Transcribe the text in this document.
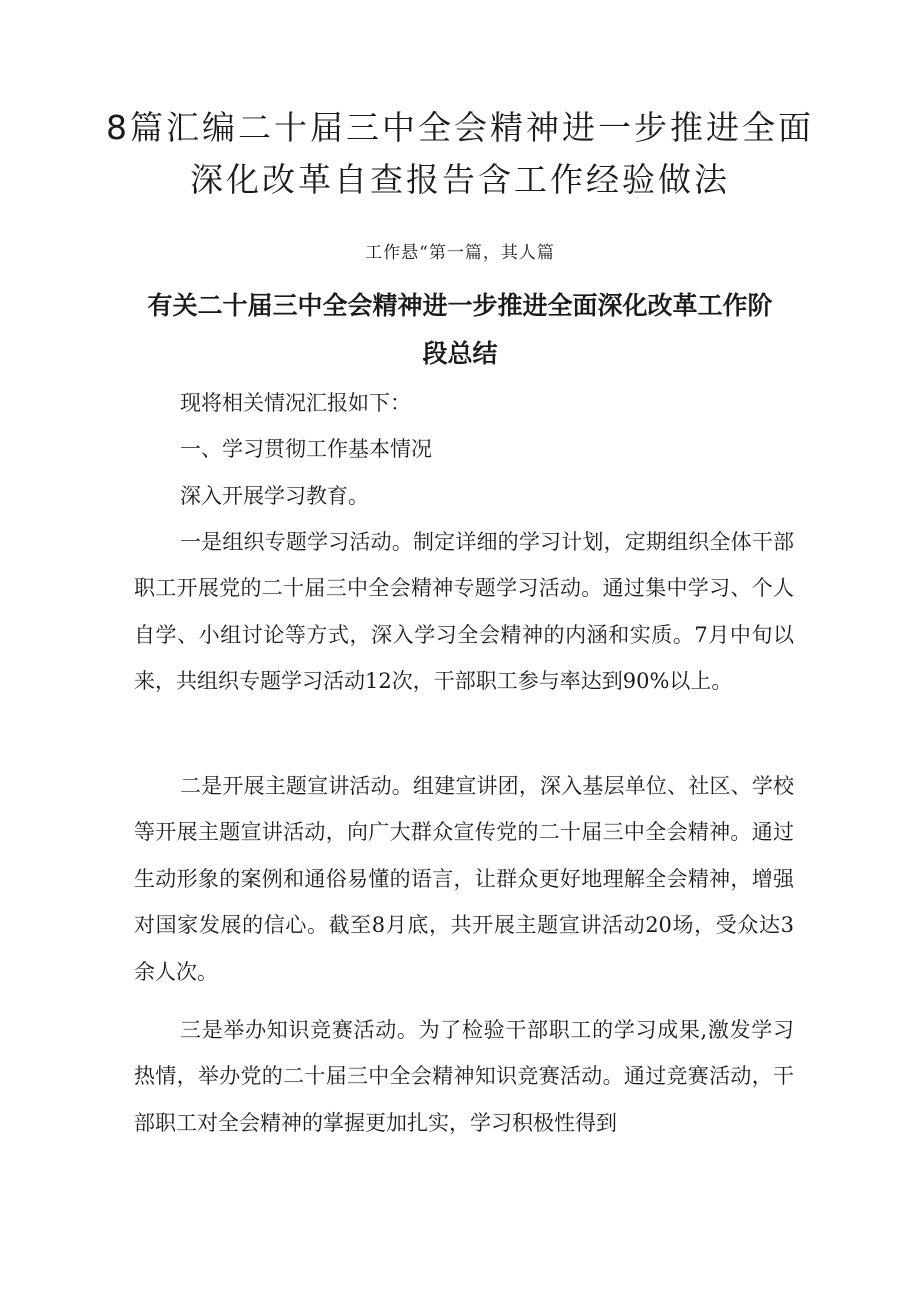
8篇汇编二十届三中全会精神进一步推进全面深化改革自查报告含工作经验做法
工作悬“第一篇，其人篇
有关二十届三中全会精神进一步推进全面深化改革工作阶段总结

现将相关情况汇报如下：

一、学习贯彻工作基本情况

深入开展学习教育。

一是组织专题学习活动。制定详细的学习计划，定期组织全体干部职工开展党的二十届三中全会精神专题学习活动。通过集中学习、个人自学、小组讨论等方式，深入学习全会精神的内涵和实质。7月中旬以来，共组织专题学习活动12次，干部职工参与率达到90%以上。

二是开展主题宣讲活动。组建宣讲团，深入基层单位、社区、学校等开展主题宣讲活动，向广大群众宣传党的二十届三中全会精神。通过生动形象的案例和通俗易懂的语言，让群众更好地理解全会精神，增强对国家发展的信心。截至8月底，共开展主题宣讲活动20场，受众达3余人次。

三是举办知识竞赛活动。为了检验干部职工的学习成果,激发学习热情，举办党的二十届三中全会精神知识竞赛活动。通过竞赛活动，干部职工对全会精神的掌握更加扎实，学习积极性得到
